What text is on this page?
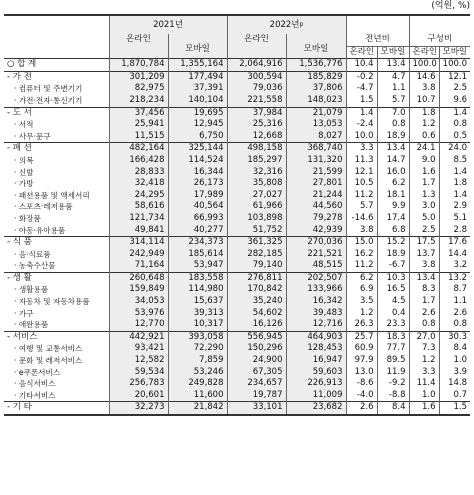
(억원, %)
	2021년		2022년$^p$		
	온라인	모바일	온라인	모바일	전년비		구성비	
					온라인	모바일	온라인	모바일
○ 합 계	1,870,784	1,355,164	2,064,916	1,536,776	10.4	13.4	100.0	100.0
- 가 전	301,209	177,494	300,594	185,829	-0.2	4.7	14.6	12.1
· 컴퓨터 및 주변기기	82,975	37,391	79,036	37,806	-4.7	1.1	3.8	2.5
· 가전·전자·통신기기	218,234	140,104	221,558	148,023	1.5	5.7	10.7	9.6
- 도 서	37,456	19,695	37,984	21,079	1.4	7.0	1.8	1.4
· 서적	25,941	12,945	25,316	13,053	-2.4	0.8	1.2	0.8
· 사무·문구	11,515	6,750	12,668	8,027	10.0	18.9	0.6	0.5
- 패 션	482,164	325,144	498,158	368,740	3.3	13.4	24.1	24.0
· 의복	166,428	114,524	185,297	131,320	11.3	14.7	9.0	8.5
· 신발	28,833	16,344	32,316	21,599	12.1	16.0	1.6	1.4
· 가방	32,418	26,173	35,808	27,801	10.5	6.2	1.7	1.8
· 패션용품 및 액세서리	24,295	17,989	27,027	21,244	11.2	18.1	1.3	1.4
· 스포츠·레저용품	58,616	40,564	61,966	44,560	5.7	9.9	3.0	2.9
· 화장품	121,734	66,993	103,898	79,278	-14.6	17.4	5.0	5.1
· 아동·유아용품	49,841	40,277	51,752	42,939	3.8	6.8	2.5	2.8
- 식 품	314,114	234,373	361,325	270,036	15.0	15.2	17.5	17.6
· 음·식료품	242,949	185,614	282,185	221,521	16.2	18.9	13.7	14.4
· 농축수산물	71,164	53,947	79,140	48,515	11.2	-6.7	3.8	3.2
- 생 활	260,648	183,558	276,811	202,507	6.2	10.3	13.4	13.2
· 생활용품	159,849	114,980	170,842	133,966	6.9	16.5	8.3	8.7
· 자동차 및 자동차용품	34,053	15,637	35,240	16,342	3.5	4.5	1.7	1.1
· 가구	53,976	39,313	54,602	39,483	1.2	0.4	2.6	2.6
· 애완용품	12,770	10,317	16,126	12,716	26.3	23.3	0.8	0.8
- 서비스	442,921	393,058	556,945	464,903	25.7	18.3	27.0	30.3
· 여행 및 교통서비스	93,421	72,290	150,296	128,453	60.9	77.7	7.3	8.4
· 문화 및 레저서비스	12,582	7,859	24,900	16,947	97.9	89.5	1.2	1.0
· e쿠폰서비스	59,534	53,246	67,305	59,603	13.0	11.9	3.3	3.9
· 음식서비스	256,783	249,828	234,657	226,913	-8.6	-9.2	11.4	14.8
· 기타서비스	20,601	11,600	19,787	11,009	-4.0	-8.8	1.0	0.7
- 기 타	32,273	21,842	33,101	23,682	2.6	8.4	1.6	1.5
